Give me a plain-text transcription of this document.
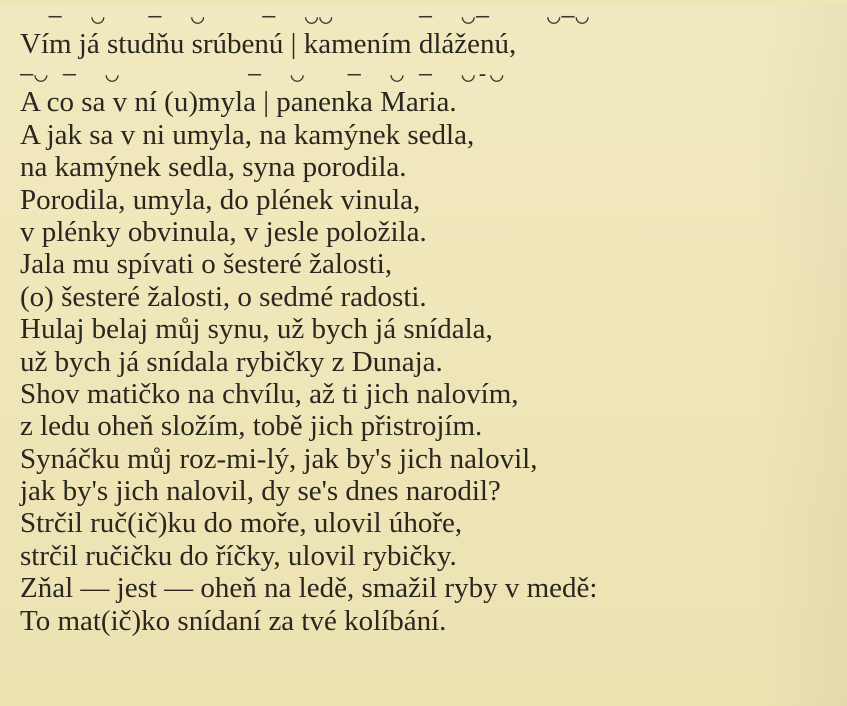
—  ◡   —  ◡    —  ◡◡      —  ◡—    ◡—◡
Vím já studňu srúbenú | kamením dláženú,
—◡ —  ◡         —  ◡   —  ◡ —  ◡-◡
A co sa v ní (u)myla | panenka Maria.
A jak sa v ni umyla, na kamýnek sedla,
na kamýnek sedla, syna porodila.
Porodila, umyla, do plének vinula,
v plénky obvinula, v jesle položila.
Jala mu spívati o šesteré žalosti,
(o) šesteré žalosti, o sedmé radosti.
Hulaj belaj můj synu, už bych já snídala,
už bych já snídala rybičky z Dunaja.
Shov matičko na chvílu, až ti jich nalovím,
z ledu oheň složím, tobě jich přistrojím.
Synáčku můj roz-mi-lý, jak by's jich nalovil,
jak by's jich nalovil, dy se's dnes narodil?
Strčil ruč(ič)ku do moře, ulovil úhoře,
strčil ručičku do říčky, ulovil rybičky.
Zňal — jest — oheň na ledě, smažil ryby v medě:
To mat(ič)ko snídaní za tvé kolíbání.
